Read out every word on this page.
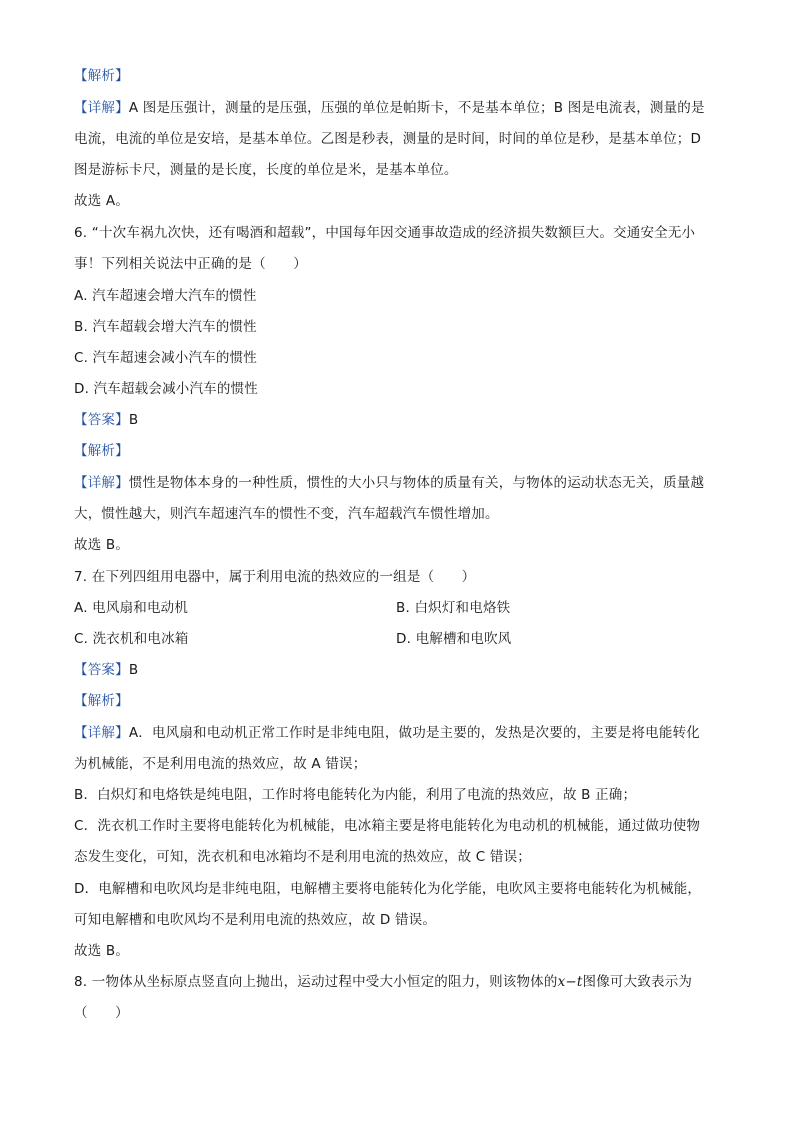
【解析】
【详解】A 图是压强计，测量的是压强，压强的单位是帕斯卡，不是基本单位；B 图是电流表，测量的是
电流，电流的单位是安培，是基本单位。乙图是秒表，测量的是时间，时间的单位是秒，是基本单位；D
图是游标卡尺，测量的是长度，长度的单位是米，是基本单位。
故选 A。
6. “十次车祸九次快，还有喝酒和超载”，中国每年因交通事故造成的经济损失数额巨大。交通安全无小
事！下列相关说法中正确的是（　　）
A. 汽车超速会增大汽车的惯性
B. 汽车超载会增大汽车的惯性
C. 汽车超速会减小汽车的惯性
D. 汽车超载会减小汽车的惯性
【答案】B
【解析】
【详解】惯性是物体本身的一种性质，惯性的大小只与物体的质量有关，与物体的运动状态无关，质量越
大，惯性越大，则汽车超速汽车的惯性不变，汽车超载汽车惯性增加。
故选 B。
7. 在下列四组用电器中，属于利用电流的热效应的一组是（　　）
A. 电风扇和电动机	B. 白炽灯和电烙铁
C. 洗衣机和电冰箱	D. 电解槽和电吹风
【答案】B
【解析】
【详解】A．电风扇和电动机正常工作时是非纯电阻，做功是主要的，发热是次要的，主要是将电能转化
为机械能，不是利用电流的热效应，故 A 错误；
B．白炽灯和电烙铁是纯电阻，工作时将电能转化为内能，利用了电流的热效应，故 B 正确；
C．洗衣机工作时主要将电能转化为机械能，电冰箱主要是将电能转化为电动机的机械能，通过做功使物
态发生变化，可知，洗衣机和电冰箱均不是利用电流的热效应，故 C 错误；
D．电解槽和电吹风均是非纯电阻，电解槽主要将电能转化为化学能，电吹风主要将电能转化为机械能，
可知电解槽和电吹风均不是利用电流的热效应，故 D 错误。
故选 B。
8. 一物体从坐标原点竖直向上抛出，运动过程中受大小恒定的阻力，则该物体的x−t图像可大致表示为
（　　）
